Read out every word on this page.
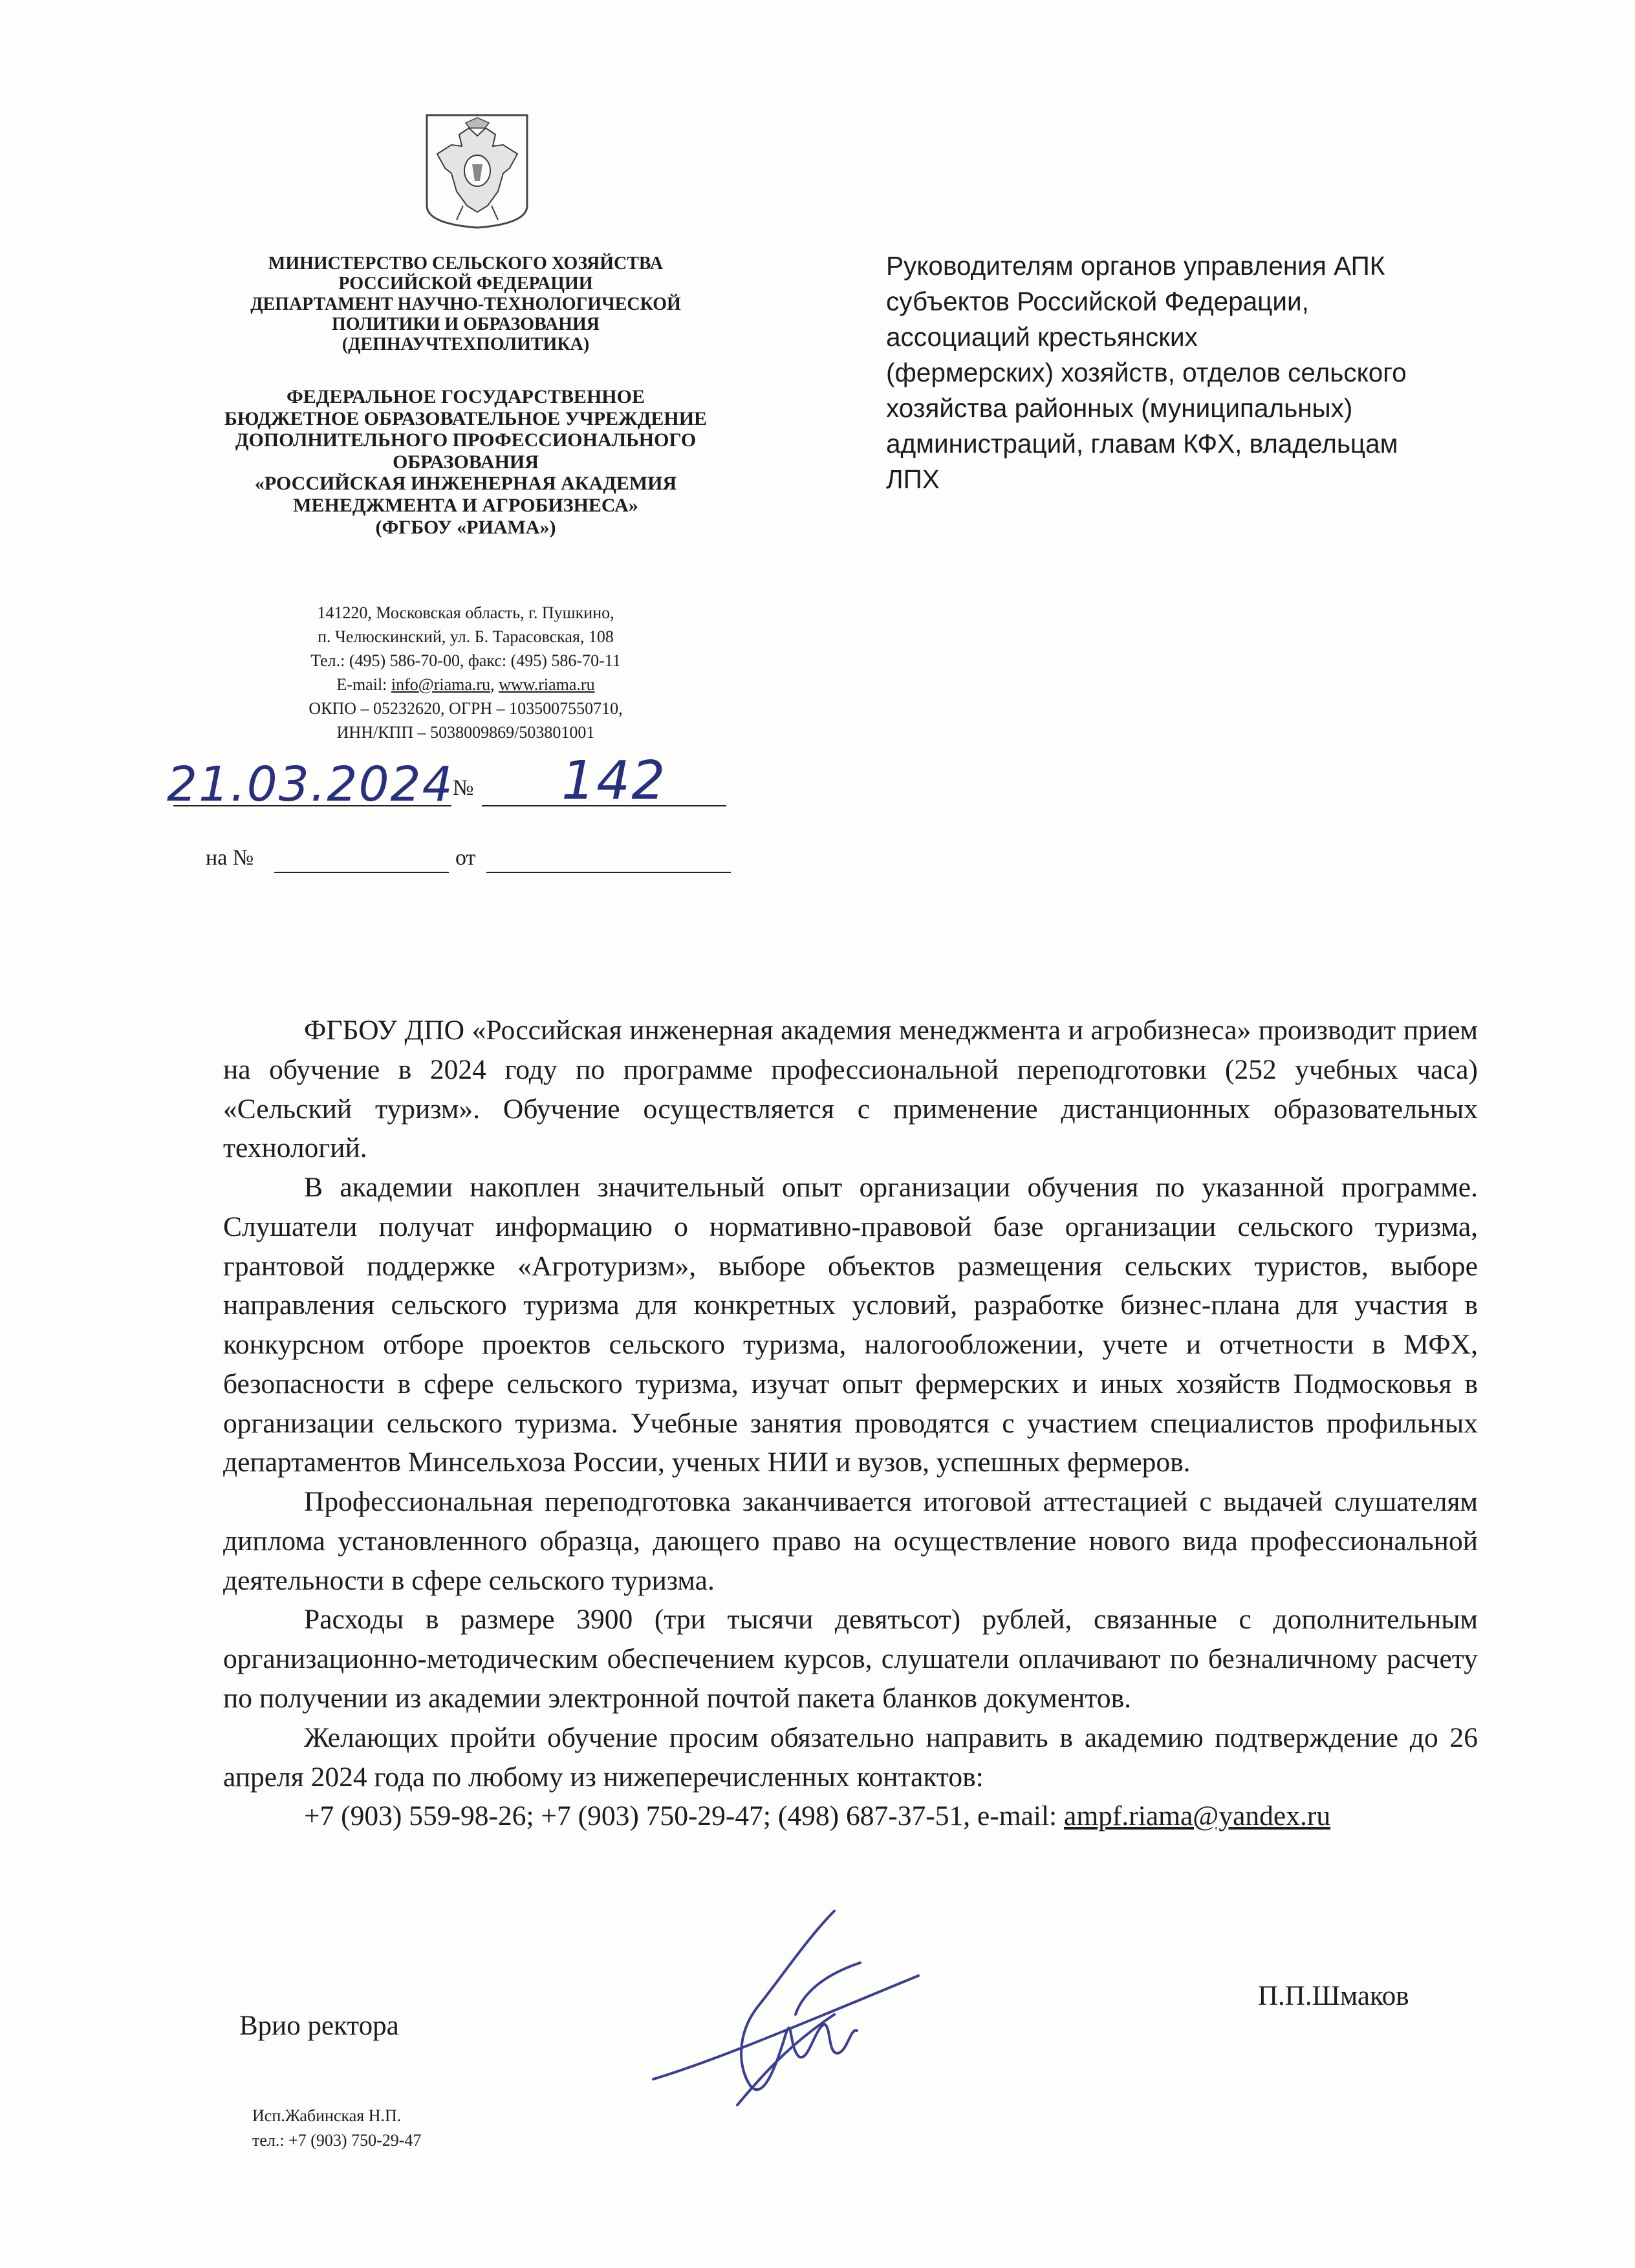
МИНИСТЕРСТВО СЕЛЬСКОГО ХОЗЯЙСТВА
РОССИЙСКОЙ ФЕДЕРАЦИИ
ДЕПАРТАМЕНТ НАУЧНО-ТЕХНОЛОГИЧЕСКОЙ
ПОЛИТИКИ И ОБРАЗОВАНИЯ
(ДЕПНАУЧТЕХПОЛИТИКА)
ФЕДЕРАЛЬНОЕ ГОСУДАРСТВЕННОЕ
БЮДЖЕТНОЕ ОБРАЗОВАТЕЛЬНОЕ УЧРЕЖДЕНИЕ
ДОПОЛНИТЕЛЬНОГО ПРОФЕССИОНАЛЬНОГО
ОБРАЗОВАНИЯ
«РОССИЙСКАЯ ИНЖЕНЕРНАЯ АКАДЕМИЯ
МЕНЕДЖМЕНТА И АГРОБИЗНЕСА»
(ФГБОУ «РИАМА»)
141220, Московская область, г. Пушкино,
п. Челюскинский, ул. Б. Тарасовская, 108
Тел.: (495) 586-70-00, факс: (495) 586-70-11
E-mail: info@riama.ru, www.riama.ru
ОКПО – 05232620, ОГРН – 1035007550710,
ИНН/КПП – 5038009869/503801001
21.03.2024
№ 142
на №	от
Руководителям органов управления АПК
субъектов Российской Федерации,
ассоциаций крестьянских
(фермерских) хозяйств, отделов сельского
хозяйства районных (муниципальных)
администраций, главам КФХ, владельцам
ЛПХ

ФГБОУ ДПО «Российская инженерная академия менеджмента и агробизнеса» производит прием на обучение в 2024 году по программе профессиональной переподготовки (252 учебных часа) «Сельский туризм». Обучение осуществляется с применение дистанционных образовательных технологий.

В академии накоплен значительный опыт организации обучения по указанной программе. Слушатели получат информацию о нормативно-правовой базе организации сельского туризма, грантовой поддержке «Агротуризм», выборе объектов размещения сельских туристов, выборе направления сельского туризма для конкретных условий, разработке бизнес-плана для участия в конкурсном отборе проектов сельского туризма, налогообложении, учете и отчетности в МФХ, безопасности в сфере сельского туризма, изучат опыт фермерских и иных хозяйств Подмосковья в организации сельского туризма. Учебные занятия проводятся с участием специалистов профильных департаментов Минсельхоза России, ученых НИИ и вузов, успешных фермеров.

Профессиональная переподготовка заканчивается итоговой аттестацией с выдачей слушателям диплома установленного образца, дающего право на осуществление нового вида профессиональной деятельности в сфере сельского туризма.

Расходы в размере 3900 (три тысячи девятьсот) рублей, связанные с дополнительным организационно-методическим обеспечением курсов, слушатели оплачивают по безналичному расчету по получении из академии электронной почтой пакета бланков документов.

Желающих пройти обучение просим обязательно направить в академию подтверждение до 26 апреля 2024 года по любому из нижеперечисленных контактов:

+7 (903) 559-98-26; +7 (903) 750-29-47; (498) 687-37-51, e-mail: ampf.riama@yandex.ru

Врио ректора
П.П.Шмаков
Исп.Жабинская Н.П.
тел.: +7 (903) 750-29-47
